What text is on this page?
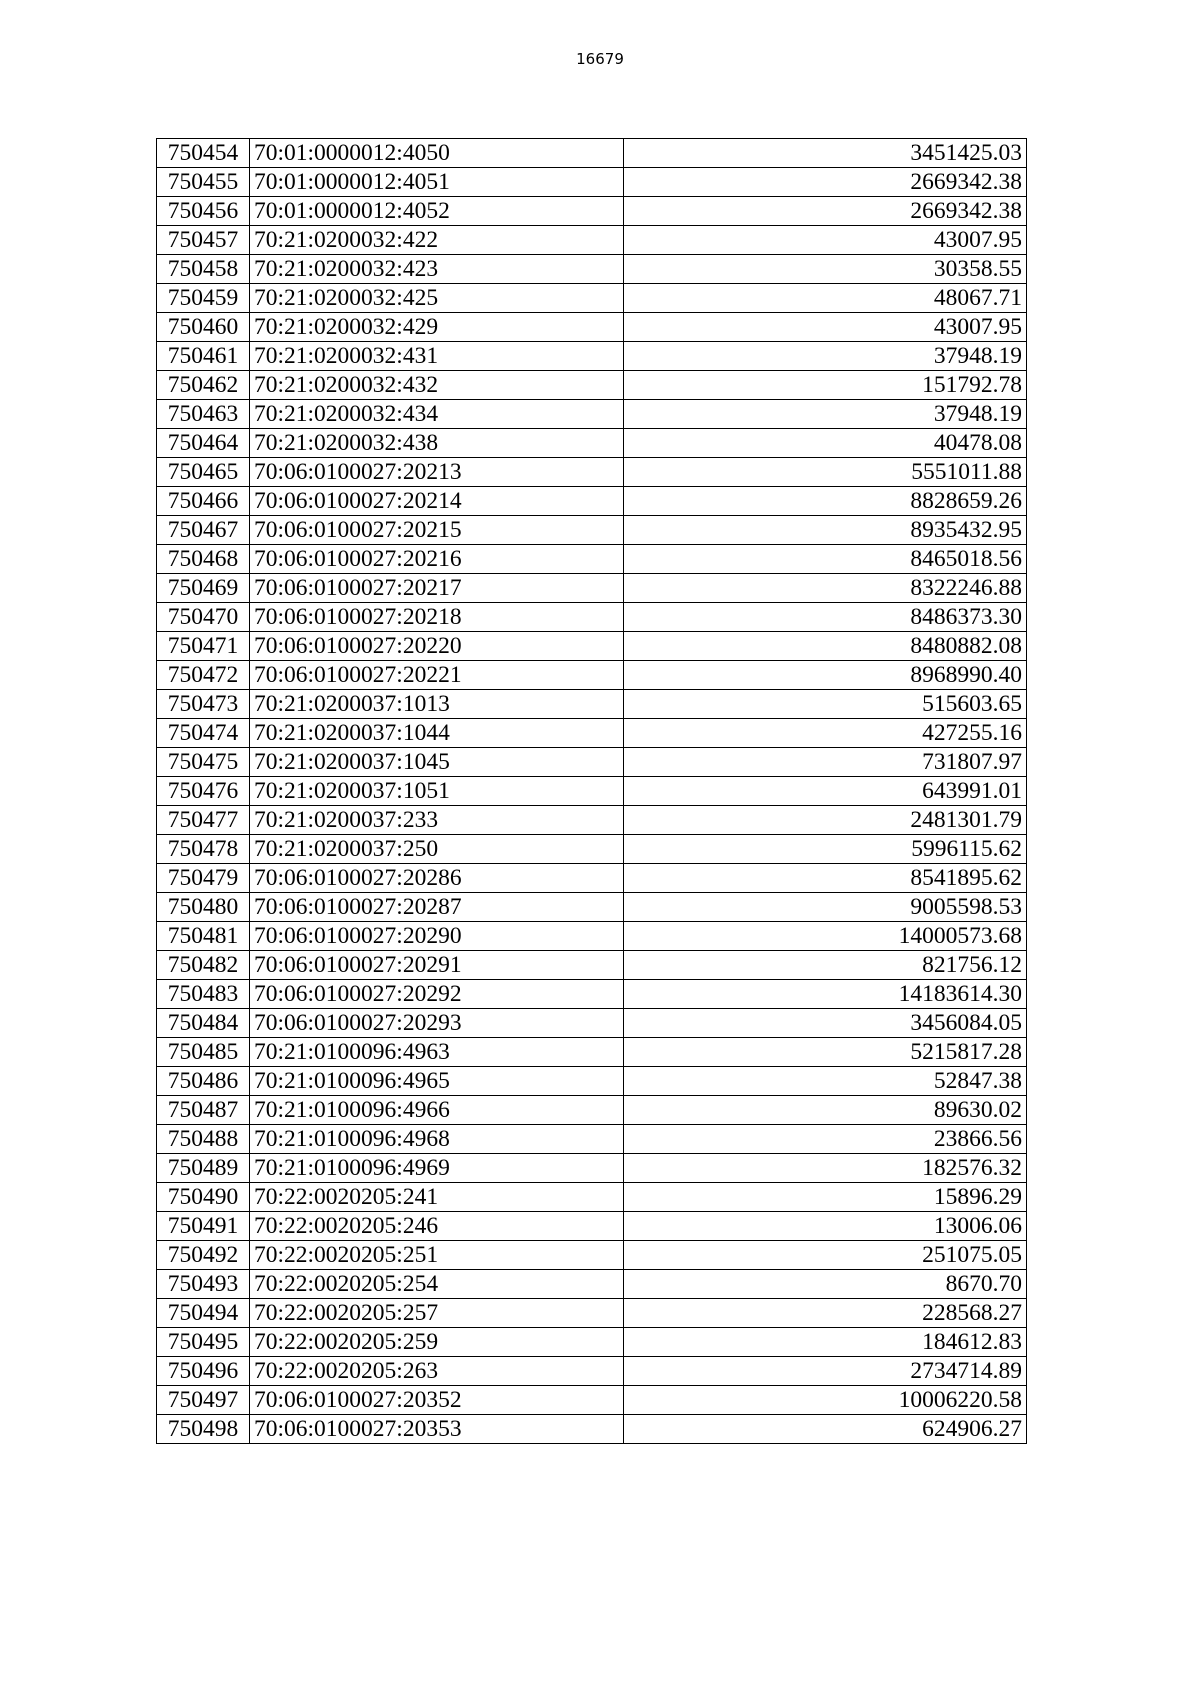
16679
750454	70:01:0000012:4050	3451425.03
750455	70:01:0000012:4051	2669342.38
750456	70:01:0000012:4052	2669342.38
750457	70:21:0200032:422	43007.95
750458	70:21:0200032:423	30358.55
750459	70:21:0200032:425	48067.71
750460	70:21:0200032:429	43007.95
750461	70:21:0200032:431	37948.19
750462	70:21:0200032:432	151792.78
750463	70:21:0200032:434	37948.19
750464	70:21:0200032:438	40478.08
750465	70:06:0100027:20213	5551011.88
750466	70:06:0100027:20214	8828659.26
750467	70:06:0100027:20215	8935432.95
750468	70:06:0100027:20216	8465018.56
750469	70:06:0100027:20217	8322246.88
750470	70:06:0100027:20218	8486373.30
750471	70:06:0100027:20220	8480882.08
750472	70:06:0100027:20221	8968990.40
750473	70:21:0200037:1013	515603.65
750474	70:21:0200037:1044	427255.16
750475	70:21:0200037:1045	731807.97
750476	70:21:0200037:1051	643991.01
750477	70:21:0200037:233	2481301.79
750478	70:21:0200037:250	5996115.62
750479	70:06:0100027:20286	8541895.62
750480	70:06:0100027:20287	9005598.53
750481	70:06:0100027:20290	14000573.68
750482	70:06:0100027:20291	821756.12
750483	70:06:0100027:20292	14183614.30
750484	70:06:0100027:20293	3456084.05
750485	70:21:0100096:4963	5215817.28
750486	70:21:0100096:4965	52847.38
750487	70:21:0100096:4966	89630.02
750488	70:21:0100096:4968	23866.56
750489	70:21:0100096:4969	182576.32
750490	70:22:0020205:241	15896.29
750491	70:22:0020205:246	13006.06
750492	70:22:0020205:251	251075.05
750493	70:22:0020205:254	8670.70
750494	70:22:0020205:257	228568.27
750495	70:22:0020205:259	184612.83
750496	70:22:0020205:263	2734714.89
750497	70:06:0100027:20352	10006220.58
750498	70:06:0100027:20353	624906.27
